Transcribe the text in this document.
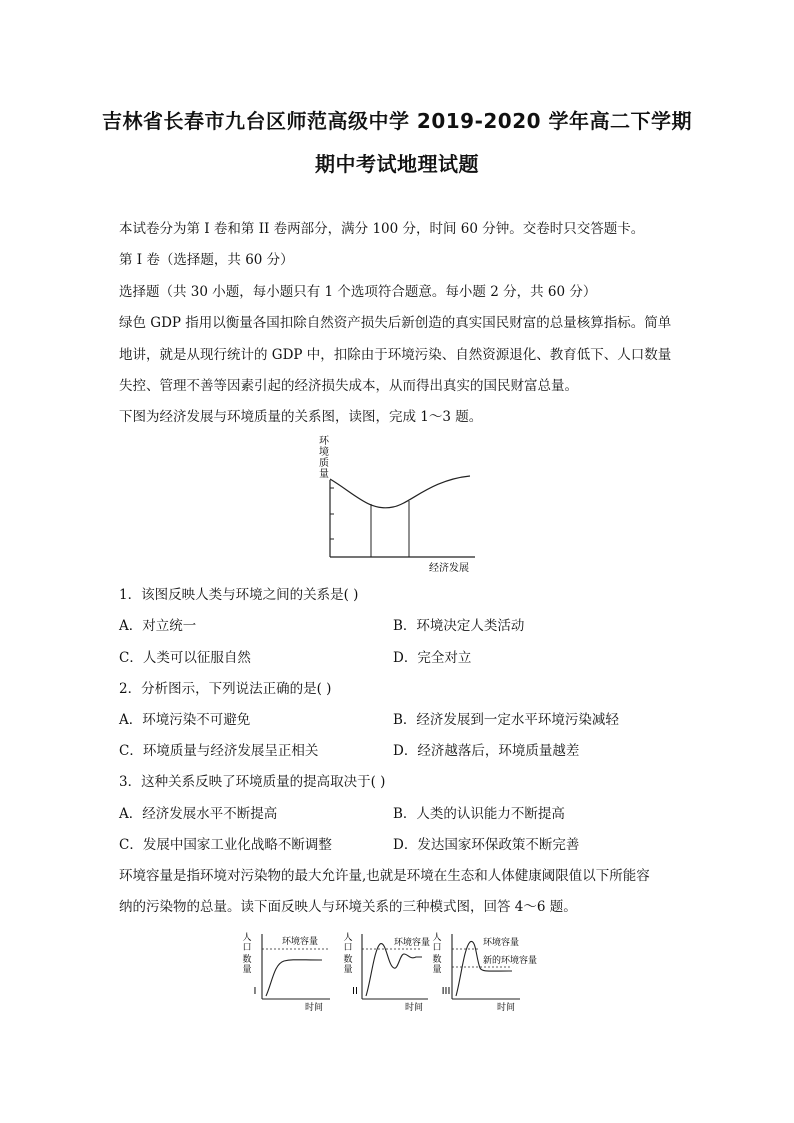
吉林省长春市九台区师范高级中学 2019-2020 学年高二下学期
期中考试地理试题
本试卷分为第 I 卷和第 II 卷两部分，满分 100 分，时间 60 分钟。交卷时只交答题卡。
第 I 卷（选择题，共 60 分）
选择题（共 30 小题，每小题只有 1 个选项符合题意。每小题 2 分，共 60 分）
绿色 GDP 指用以衡量各国扣除自然资产损失后新创造的真实国民财富的总量核算指标。简单
地讲，就是从现行统计的 GDP 中，扣除由于环境污染、自然资源退化、教育低下、人口数量
失控、管理不善等因素引起的经济损失成本，从而得出真实的国民财富总量。
下图为经济发展与环境质量的关系图，读图，完成 1～3 题。
环
境
质
量
经济发展
1．该图反映人类与环境之间的关系是( )
A．对立统一	B．环境决定人类活动
C．人类可以征服自然	D．完全对立
2．分析图示，下列说法正确的是( )
A．环境污染不可避免	B．经济发展到一定水平环境污染减轻
C．环境质量与经济发展呈正相关	D．经济越落后，环境质量越差
3．这种关系反映了环境质量的提高取决于( )
A．经济发展水平不断提高	B．人类的认识能力不断提高
C．发展中国家工业化战略不断调整	D．发达国家环保政策不断完善
环境容量是指环境对污染物的最大允许量,也就是环境在生态和人体健康阈限值以下所能容
纳的污染物的总量。读下面反映人与环境关系的三种模式图，回答 4～6 题。
人
口
数
量
I
环境容量
时间
人
口
数
量
II
环境容量
时间
人
口
数
量
III
环境容量
新的环境容量
时间
